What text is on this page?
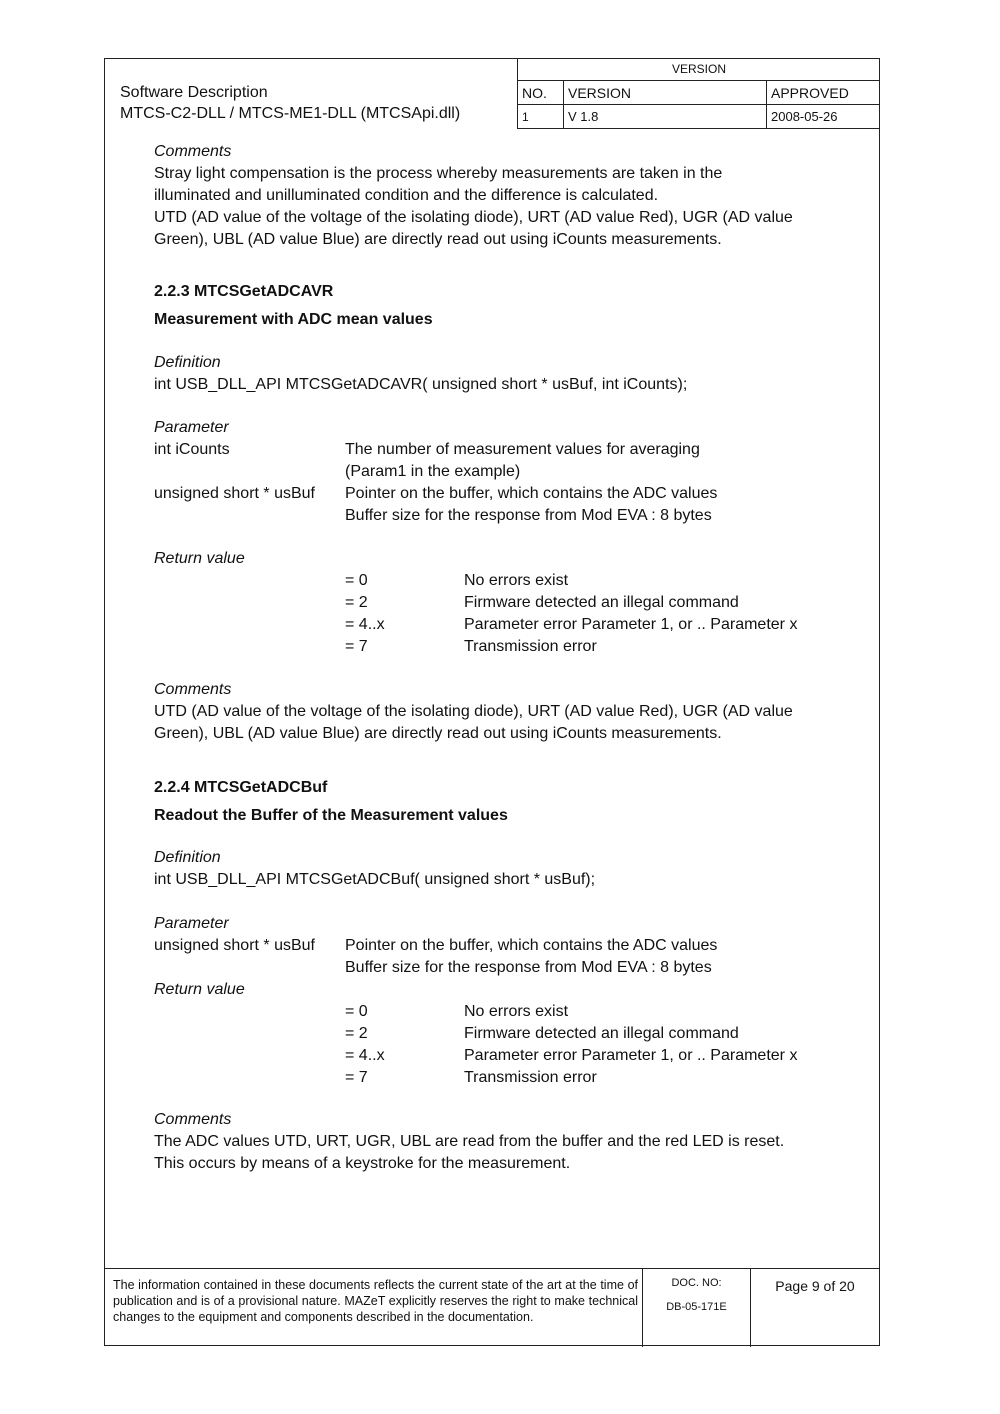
Software Description
MTCS-C2-DLL / MTCS-ME1-DLL (MTCSApi.dll)
VERSION		
NO.	VERSION	APPROVED
1	V 1.8	2008-05-26
Comments
Stray light compensation is the process whereby measurements are taken in the
illuminated and unilluminated condition and the difference is calculated.
UTD (AD value of the voltage of the isolating diode), URT (AD value Red), UGR (AD value
Green), UBL (AD value Blue) are directly read out using iCounts measurements.
2.2.3 MTCSGetADCAVR
Measurement with ADC mean values
Definition
int USB_DLL_API MTCSGetADCAVR( unsigned short * usBuf, int iCounts);
Parameter
int iCounts	The number of measurement values for averaging
(Param1 in the example)
unsigned short * usBuf Pointer on the buffer, which contains the ADC values
Buffer size for the response from Mod EVA : 8 bytes
Return value
= 0	No errors exist
= 2	Firmware detected an illegal command
= 4..x	Parameter error Parameter 1, or .. Parameter x
= 7	Transmission error
Comments
UTD (AD value of the voltage of the isolating diode), URT (AD value Red), UGR (AD value
Green), UBL (AD value Blue) are directly read out using iCounts measurements.
2.2.4 MTCSGetADCBuf
Readout the Buffer of the Measurement values
Definition
int USB_DLL_API MTCSGetADCBuf( unsigned short * usBuf);
Parameter
unsigned short * usBuf Pointer on the buffer, which contains the ADC values
Buffer size for the response from Mod EVA : 8 bytes
Return value
= 0	No errors exist
= 2	Firmware detected an illegal command
= 4..x	Parameter error Parameter 1, or .. Parameter x
= 7	Transmission error
Comments
The ADC values UTD, URT, UGR, UBL are read from the buffer and the red LED is reset.
This occurs by means of a keystroke for the measurement.
The information contained in these documents reflects the current state of the art at the time of publication and is of a provisional nature. MAZeT explicitly reserves the right to make technical changes to the equipment and components described in the documentation.
DOC. NO:
DB-05-171E
Page 9 of 20
